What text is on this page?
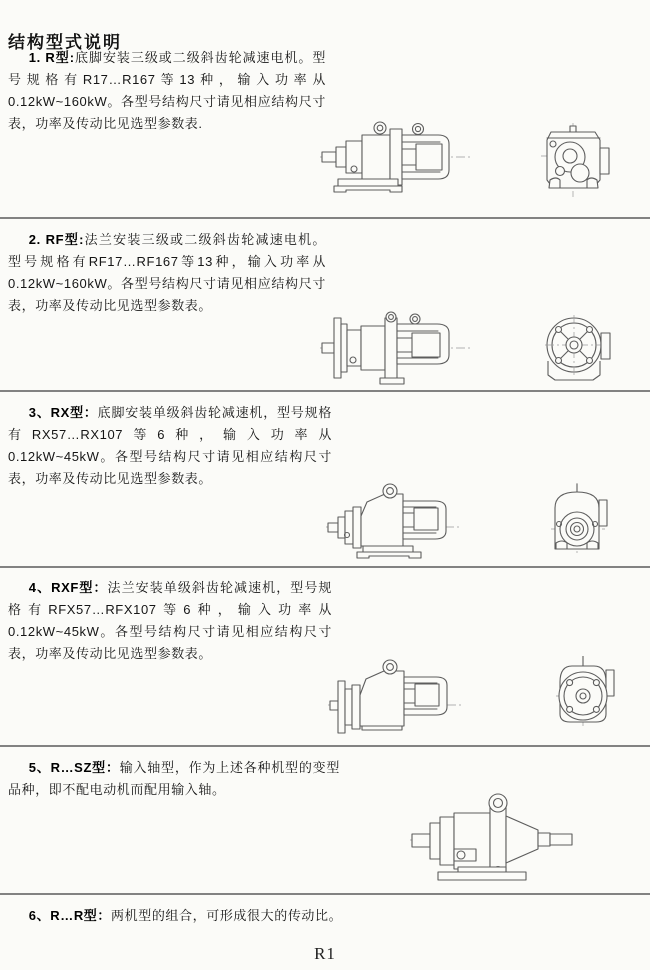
结构型式说明

1. R型:底脚安装三级或二级斜齿轮减速电机。型号规格有R17…R167等13种，输入功率从0.12kW~160kW。各型号结构尺寸请见相应结构尺寸表，功率及传动比见选型参数表.

2. RF型:法兰安装三级或二级斜齿轮减速电机。型号规格有RF17…RF167等13种，输入功率从0.12kW~160kW。各型号结构尺寸请见相应结构尺寸表，功率及传动比见选型参数表。

3、RX型：底脚安装单级斜齿轮减速机，型号规格有RX57…RX107等6种，输入功率从0.12kW~45kW。各型号结构尺寸请见相应结构尺寸表，功率及传动比见选型参数表。

4、RXF型：法兰安装单级斜齿轮减速机，型号规格有RFX57…RFX107等6种，输入功率从0.12kW~45kW。各型号结构尺寸请见相应结构尺寸表，功率及传动比见选型参数表。

5、R…SZ型：输入轴型，作为上述各种机型的变型品种，即不配电动机而配用输入轴。

6、R…R型：两机型的组合，可形成很大的传动比。

R1
